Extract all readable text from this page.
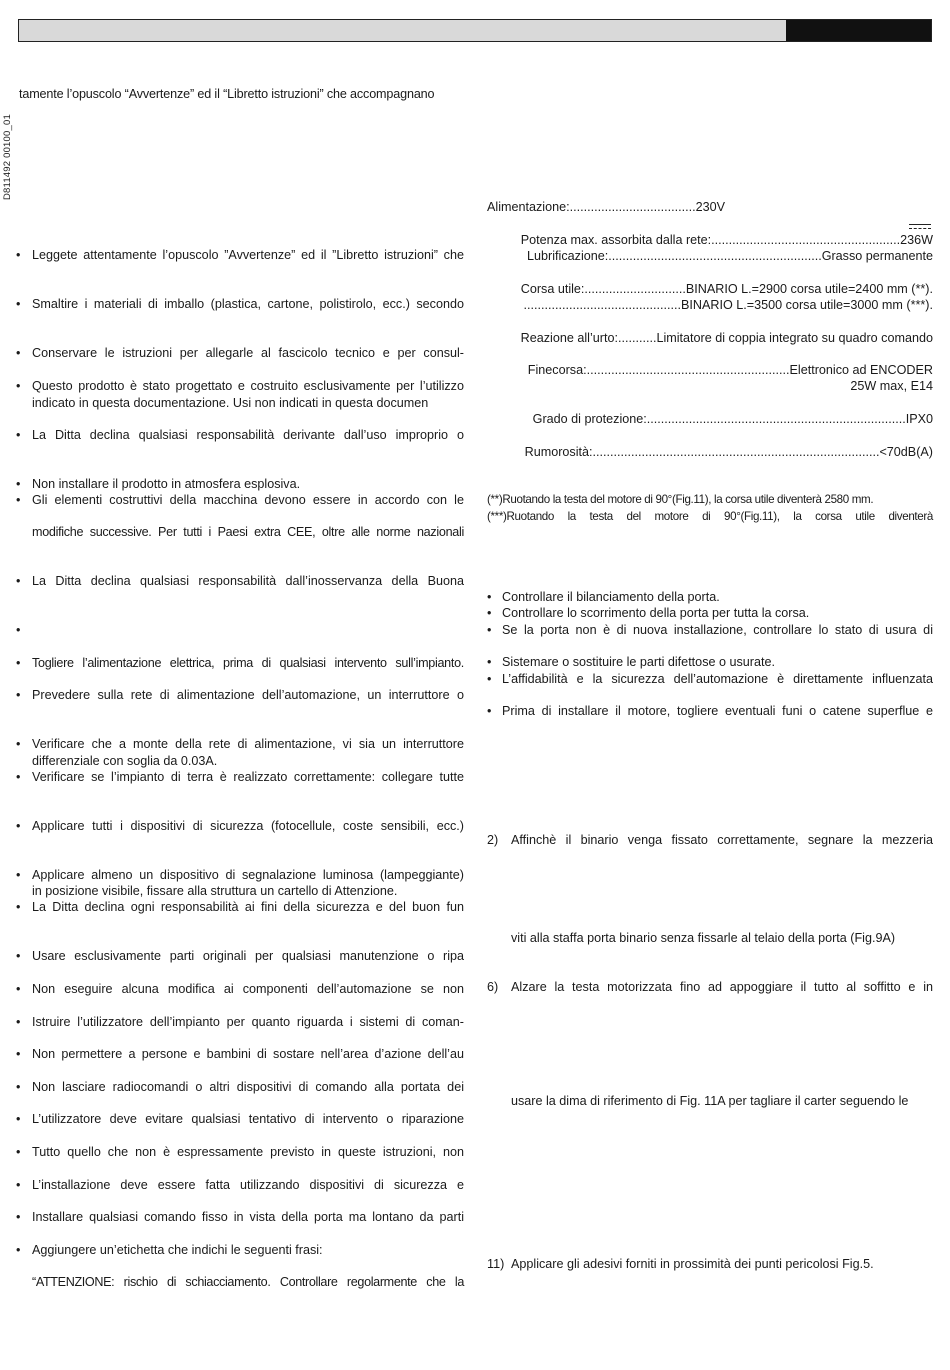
D811492 00100_01
tamente l’opuscolo “Avvertenze” ed il “Libretto istruzioni” che accompagnano
• Leggete attentamente l’opuscolo ”Avvertenze” ed il ”Libretto istruzioni” che
• Smaltire i materiali di imballo (plastica, cartone, polistirolo, ecc.) secondo
• Conservare le istruzioni per allegarle al fascicolo tecnico e per consul-
• Questo prodotto è stato progettato e costruito esclusivamente per l’utilizzo
indicato in questa documentazione. Usi non indicati in questa documen
• La Ditta declina qualsiasi responsabilità derivante dall’uso improprio o
• Non installare il prodotto in atmosfera esplosiva.
• Gli elementi costruttivi della macchina devono essere in accordo con le
modifiche successive. Per tutti i Paesi extra CEE, oltre alle norme nazionali
• La Ditta declina qualsiasi responsabilità dall’inosservanza della Buona
•
• Togliere l’alimentazione elettrica, prima di qualsiasi intervento sull’impianto.
• Prevedere sulla rete di alimentazione dell’automazione, un interruttore o
• Verificare che a monte della rete di alimentazione, vi sia un interruttore
differenziale con soglia da 0.03A.
• Verificare se l’impianto di terra è realizzato correttamente: collegare tutte
• Applicare tutti i dispositivi di sicurezza (fotocellule, coste sensibili, ecc.)
• Applicare almeno un dispositivo di segnalazione luminosa (lampeggiante)
in posizione visibile, fissare alla struttura un cartello di Attenzione.
• La Ditta declina ogni responsabilità ai fini della sicurezza e del buon fun
• Usare esclusivamente parti originali per qualsiasi manutenzione o ripa
• Non eseguire alcuna modifica ai componenti dell’automazione se non
• Istruire l’utilizzatore dell’impianto per quanto riguarda i sistemi di coman-
• Non permettere a persone e bambini di sostare nell’area d’azione dell’au
• Non lasciare radiocomandi o altri dispositivi di comando alla portata dei
• L’utilizzatore deve evitare qualsiasi tentativo di intervento o riparazione
• Tutto quello che non è espressamente previsto in queste istruzioni, non
• L’installazione deve essere fatta utilizzando dispositivi di sicurezza e
• Installare qualsiasi comando fisso in vista della porta ma lontano da parti
• Aggiungere un’etichetta che indichi le seguenti frasi:
“ATTENZIONE: rischio di schiacciamento. Controllare regolarmente che la
Alimentazione:....................................230V
Potenza max. assorbita dalla rete:......................................................236W
Lubrificazione:.............................................................Grasso permanente
Corsa utile:.............................BINARIO L.=2900 corsa utile=2400 mm (**).
.............................................BINARIO L.=3500 corsa utile=3000 mm (***).
Reazione all’urto:...........Limitatore di coppia integrato su quadro comando
Finecorsa:..........................................................Elettronico ad ENCODER
25W max, E14
Grado di protezione:..........................................................................IPX0
Rumorosità:..................................................................................<70dB(A)
(**)Ruotando la testa del motore di 90°(Fig.11), la corsa utile diventerà 2580 mm.
(***)Ruotando la testa del motore di 90°(Fig.11), la corsa utile diventerà
• Controllare il bilanciamento della porta.
• Controllare lo scorrimento della porta per tutta la corsa.
• Se la porta non è di nuova installazione, controllare lo stato di usura di
• Sistemare o sostituire le parti difettose o usurate.
• L’affidabilità e la sicurezza dell’automazione è direttamente influenzata
• Prima di installare il motore, togliere eventuali funi o catene superflue e
2) Affinchè il binario venga fissato correttamente, segnare la mezzeria
viti alla staffa porta binario senza fissarle al telaio della porta (Fig.9A)
6) Alzare la testa motorizzata fino ad appoggiare il tutto al soffitto e in
usare la dima di riferimento di Fig. 11A per tagliare il carter seguendo le
11) Applicare gli adesivi forniti in prossimità dei punti pericolosi Fig.5.
